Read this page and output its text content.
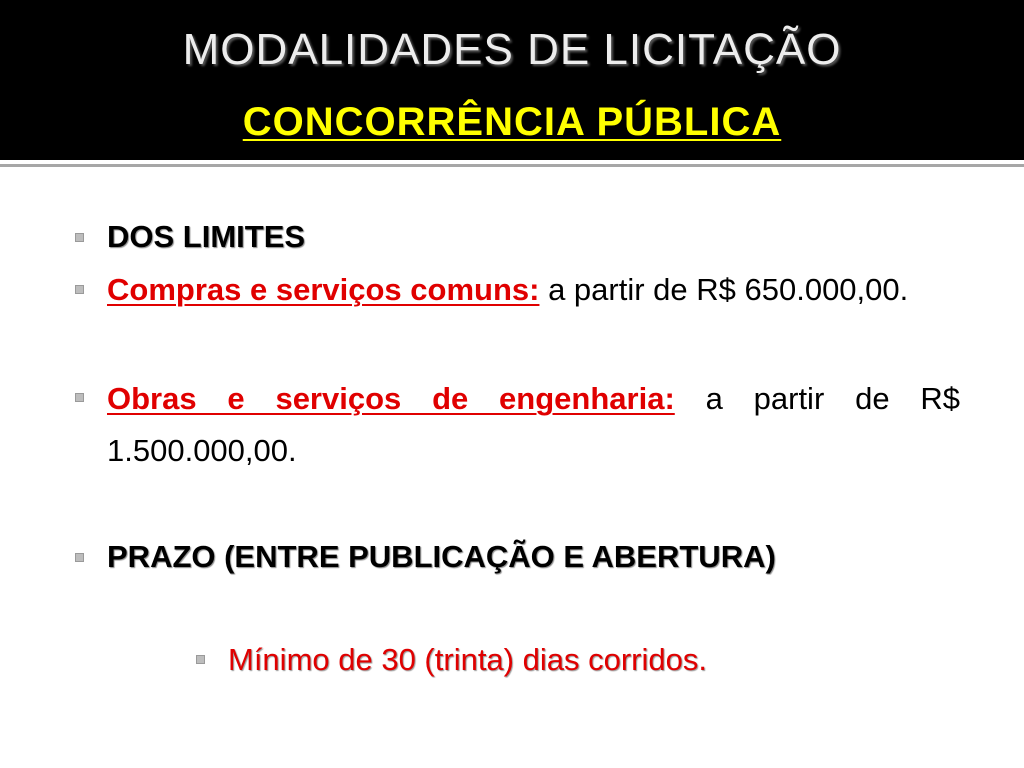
MODALIDADES DE LICITAÇÃO
CONCORRÊNCIA PÚBLICA
DOS LIMITES
Compras e serviços comuns: a partir de R$ 650.000,00.
Obras e serviços de engenharia: a partir de R$ 1.500.000,00.
PRAZO (ENTRE PUBLICAÇÃO E ABERTURA)
Mínimo de 30 (trinta) dias corridos.
